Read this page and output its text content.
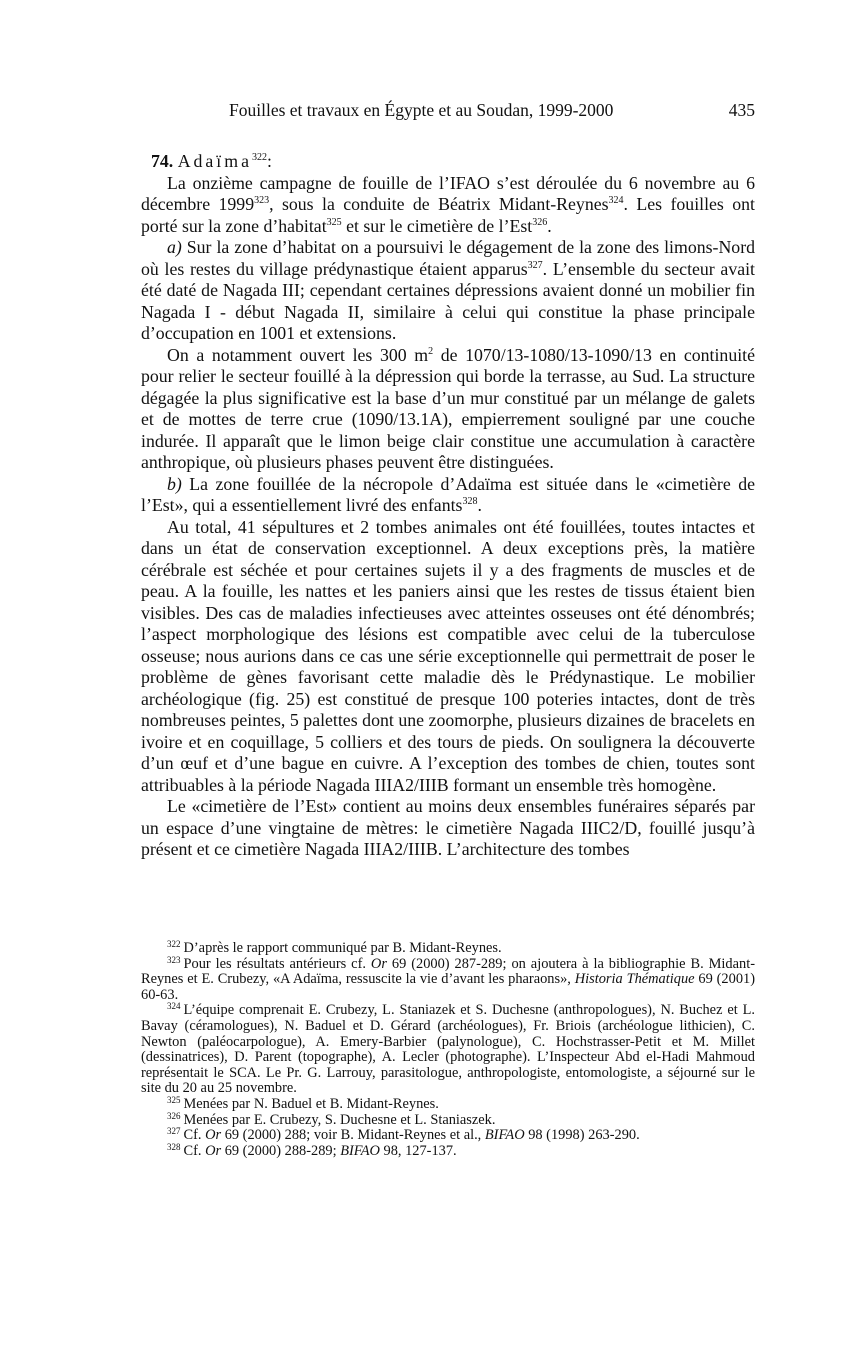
Fouilles et travaux en Égypte et au Soudan, 1999-2000	435

74. Adaïma$^{322}$:

La onzième campagne de fouille de l’IFAO s’est déroulée du 6 novembre au 6 décembre 1999$^{323}$, sous la conduite de Béatrix Midant-Reynes$^{324}$. Les fouilles ont porté sur la zone d’habitat$^{325}$ et sur le cimetière de l’Est$^{326}$.

a) Sur la zone d’habitat on a poursuivi le dégagement de la zone des limons-Nord où les restes du village prédynastique étaient apparus$^{327}$. L’ensemble du secteur avait été daté de Nagada III; cependant certaines dépressions avaient donné un mobilier fin Nagada I - début Nagada II, similaire à celui qui constitue la phase principale d’occupation en 1001 et extensions.

On a notamment ouvert les 300 $m^2$ de 1070/13-1080/13-1090/13 en continuité pour relier le secteur fouillé à la dépression qui borde la terrasse, au Sud. La structure dégagée la plus significative est la base d’un mur constitué par un mélange de galets et de mottes de terre crue (1090/13.1A), empierrement souligné par une couche indurée. Il apparaît que le limon beige clair constitue une accumulation à caractère anthropique, où plusieurs phases peuvent être distinguées.

b) La zone fouillée de la nécropole d’Adaïma est située dans le «cimetière de l’Est», qui a essentiellement livré des enfants$^{328}$.

Au total, 41 sépultures et 2 tombes animales ont été fouillées, toutes intactes et dans un état de conservation exceptionnel. A deux exceptions près, la matière cérébrale est séchée et pour certaines sujets il y a des fragments de muscles et de peau. A la fouille, les nattes et les paniers ainsi que les restes de tissus étaient bien visibles. Des cas de maladies infectieuses avec atteintes osseuses ont été dénombrés; l’aspect morphologique des lésions est compatible avec celui de la tuberculose osseuse; nous aurions dans ce cas une série exceptionnelle qui permettrait de poser le problème de gènes favorisant cette maladie dès le Prédynastique. Le mobilier archéologique (fig. 25) est constitué de presque 100 poteries intactes, dont de très nombreuses peintes, 5 palettes dont une zoomorphe, plusieurs dizaines de bracelets en ivoire et en coquillage, 5 colliers et des tours de pieds. On soulignera la découverte d’un œuf et d’une bague en cuivre. A l’exception des tombes de chien, toutes sont attribuables à la période Nagada IIIA2/IIIB formant un ensemble très homogène.

Le «cimetière de l’Est» contient au moins deux ensembles funéraires séparés par un espace d’une vingtaine de mètres: le cimetière Nagada IIIC2/D, fouillé jusqu’à présent et ce cimetière Nagada IIIA2/IIIB. L’architecture des tombes

$^{322}$ D’après le rapport communiqué par B. Midant-Reynes.

$^{323}$ Pour les résultats antérieurs cf. Or 69 (2000) 287-289; on ajoutera à la bibliographie B. Midant-Reynes et E. Crubezy, «A Adaïma, ressuscite la vie d’avant les pharaons», Historia Thématique 69 (2001) 60-63.

$^{324}$ L’équipe comprenait E. Crubezy, L. Staniazek et S. Duchesne (anthropologues), N. Buchez et L. Bavay (céramologues), N. Baduel et D. Gérard (archéologues), Fr. Briois (archéologue lithicien), C. Newton (paléocarpologue), A. Emery-Barbier (palynologue), C. Hochstrasser-Petit et M. Millet (dessinatrices), D. Parent (topographe), A. Lecler (photographe). L’Inspecteur Abd el-Hadi Mahmoud représentait le SCA. Le Pr. G. Larrouy, parasitologue, anthropologiste, entomologiste, a séjourné sur le site du 20 au 25 novembre.

$^{325}$ Menées par N. Baduel et B. Midant-Reynes.

$^{326}$ Menées par E. Crubezy, S. Duchesne et L. Staniaszek.

$^{327}$ Cf. Or 69 (2000) 288; voir B. Midant-Reynes et al., BIFAO 98 (1998) 263-290.

$^{328}$ Cf. Or 69 (2000) 288-289; BIFAO 98, 127-137.
